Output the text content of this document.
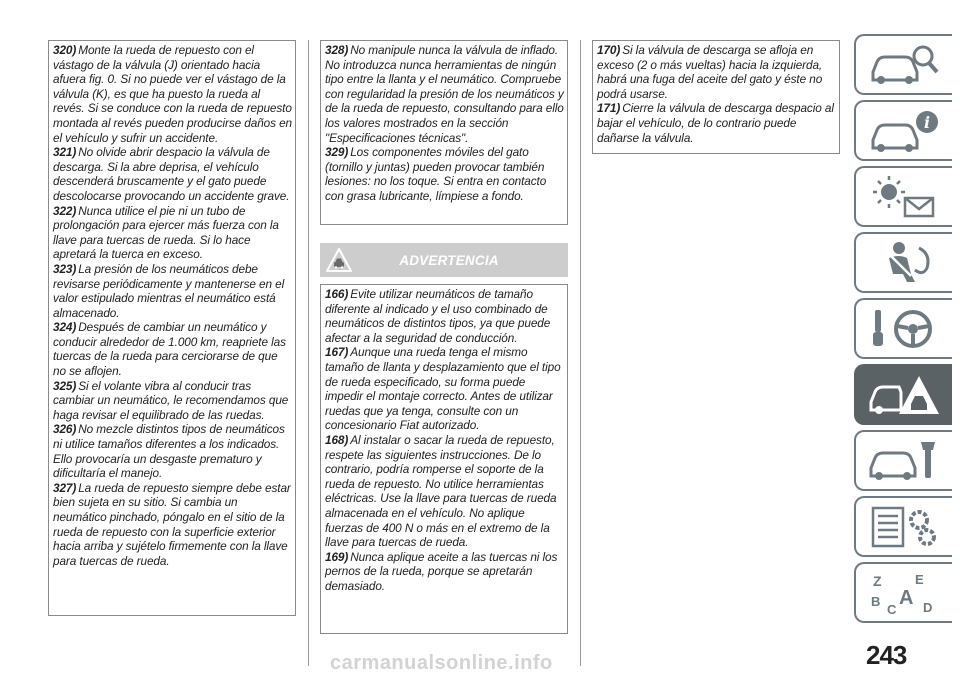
320) Monte la rueda de repuesto con el vástago de la válvula (J) orientado hacia afuera fig. 0. Si no puede ver el vástago de la válvula (K), es que ha puesto la rueda al revés. Si se conduce con la rueda de repuesto montada al revés pueden producirse daños en el vehículo y sufrir un accidente.
321) No olvide abrir despacio la válvula de descarga. Si la abre deprisa, el vehículo descenderá bruscamente y el gato puede descolocarse provocando un accidente grave.
322) Nunca utilice el pie ni un tubo de prolongación para ejercer más fuerza con la llave para tuercas de rueda. Si lo hace apretará la tuerca en exceso.
323) La presión de los neumáticos debe revisarse periódicamente y mantenerse en el valor estipulado mientras el neumático está almacenado.
324) Después de cambiar un neumático y conducir alrededor de 1.000 km, reapriete las tuercas de la rueda para cerciorarse de que no se aflojen.
325) Si el volante vibra al conducir tras cambiar un neumático, le recomendamos que haga revisar el equilibrado de las ruedas.
326) No mezcle distintos tipos de neumáticos ni utilice tamaños diferentes a los indicados. Ello provocaría un desgaste prematuro y dificultaría el manejo.
327) La rueda de repuesto siempre debe estar bien sujeta en su sitio. Si cambia un neumático pinchado, póngalo en el sitio de la rueda de repuesto con la superficie exterior hacia arriba y sujételo firmemente con la llave para tuercas de rueda.
328) No manipule nunca la válvula de inflado. No introduzca nunca herramientas de ningún tipo entre la llanta y el neumático. Compruebe con regularidad la presión de los neumáticos y de la rueda de repuesto, consultando para ello los valores mostrados en la sección "Especificaciones técnicas".
329) Los componentes móviles del gato (tornillo y juntas) pueden provocar también lesiones: no los toque. Si entra en contacto con grasa lubricante, límpiese a fondo.
ADVERTENCIA
166) Evite utilizar neumáticos de tamaño diferente al indicado y el uso combinado de neumáticos de distintos tipos, ya que puede afectar a la seguridad de conducción.
167) Aunque una rueda tenga el mismo tamaño de llanta y desplazamiento que el tipo de rueda especificado, su forma puede impedir el montaje correcto. Antes de utilizar ruedas que ya tenga, consulte con un concesionario Fiat autorizado.
168) Al instalar o sacar la rueda de repuesto, respete las siguientes instrucciones. De lo contrario, podría romperse el soporte de la rueda de repuesto. No utilice herramientas eléctricas. Use la llave para tuercas de rueda almacenada en el vehículo. No aplique fuerzas de 400 N o más en el extremo de la llave para tuercas de rueda.
169) Nunca aplique aceite a las tuercas ni los pernos de la rueda, porque se apretarán demasiado.
170) Si la válvula de descarga se afloja en exceso (2 o más vueltas) hacia la izquierda, habrá una fuga del aceite del gato y éste no podrá usarse.
171) Cierre la válvula de descarga despacio al bajar el vehículo, de lo contrario puede dañarse la válvula.
i
Z	E
B
C
A D
243
carmanualsonline.info
